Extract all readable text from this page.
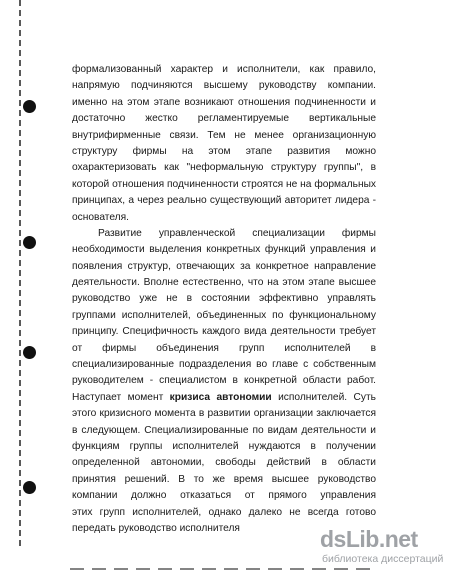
формализованный характер и исполнители, как правило,
напрямую подчиняются высшему руководству компании.
именно на этом этапе возникают отношения подчиненности и
достаточно жестко регламентируемые вертикальные
внутрифирменные связи. Тем не менее организационную
структуру фирмы на этом этапе развития можно
охарактеризовать как "неформальную структуру группы", в
которой отношения подчиненности строятся не на формальных
принципах, а через реально существующий авторитет лидера -
основателя.
Развитие управленческой специализации фирмы
необходимости выделения конкретных функций управления и
появления структур, отвечающих за конкретное направление
деятельности. Вполне естественно, что на этом этапе высшее
руководство уже не в состоянии эффективно управлять
группами исполнителей, объединенных по функциональному
принципу. Специфичность каждого вида деятельности требует
от фирмы объединения групп исполнителей в
специализированные подразделения во главе с собственным
руководителем - специалистом в конкретной области работ.
Наступает момент кризиса автономии исполнителей. Суть
этого кризисного момента в развитии организации заключается
в следующем. Специализированные по видам деятельности и
функциям группы исполнителей нуждаются в получении
определенной автономии, свободы действий в области
принятия решений. В то же время высшее руководство
компании должно отказаться от прямого управления
этих групп исполнителей, однако далеко не всегда готово
передать руководство исполнителя	dsLib.net
библиотека диссертаций
